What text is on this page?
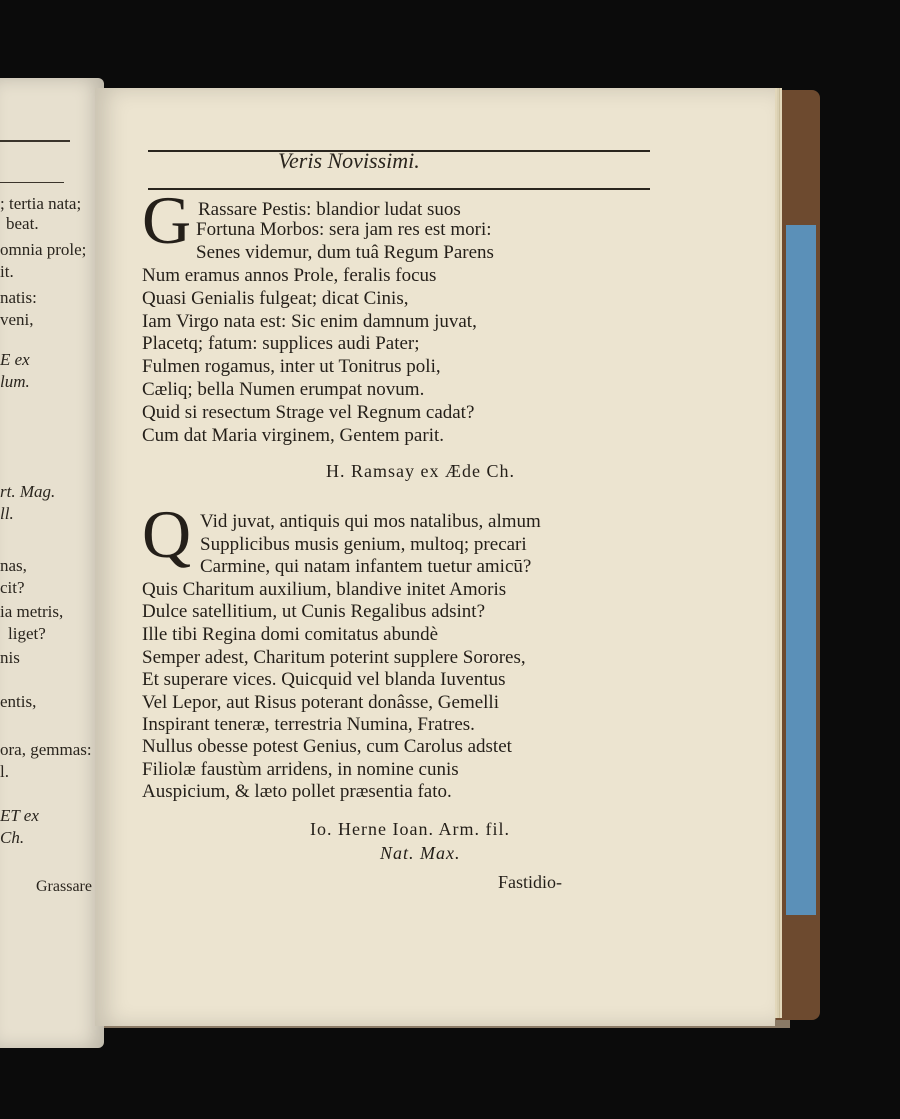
; tertia nata;
beat.
omnia prole;
it.
natis:
veni,
E ex
lum.
rt. Mag.
ll.
nas,
cit?
ia metris,
liget?
nis
entis,
ora, gemmas:
l.
ET ex
Ch.
Grassare
Veris Novissimi.
G Rassare Pestis: blandior ludat suos
Fortuna Morbos: sera jam res est mori:
Senes videmur, dum tuâ Regum Parens
Num eramus annos Prole, feralis focus
Quasi Genialis fulgeat; dicat Cinis,
Iam Virgo nata est: Sic enim damnum juvat,
Placetq; fatum: supplices audi Pater;
Fulmen rogamus, inter ut Tonitrus poli,
Cæliq; bella Numen erumpat novum.
Quid si resectum Strage vel Regnum cadat?
Cum dat Maria virginem, Gentem parit.
H. Ramsay ex Æde Ch.
Q Vid juvat, antiquis qui mos natalibus, almum
Supplicibus musis genium, multoq; precari
Carmine, qui natam infantem tuetur amicū?
Quis Charitum auxilium, blandive initet Amoris
Dulce satellitium, ut Cunis Regalibus adsint?
Ille tibi Regina domi comitatus abundè
Semper adest, Charitum poterint supplere Sorores,
Et superare vices. Quicquid vel blanda Iuventus
Vel Lepor, aut Risus poterant donâsse, Gemelli
Inspirant teneræ, terrestria Numina, Fratres.
Nullus obesse potest Genius, cum Carolus adstet
Filiolæ faustùm arridens, in nomine cunis
Auspicium, & læto pollet præsentia fato.
Io. Herne Ioan. Arm. fil.
Nat. Max.
Fastidio-
